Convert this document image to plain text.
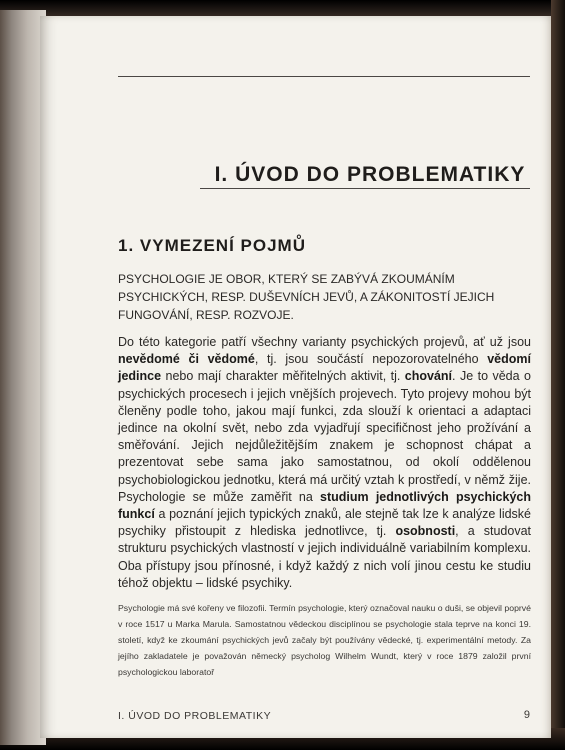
I. ÚVOD DO PROBLEMATIKY
1. VYMEZENÍ POJMŮ
PSYCHOLOGIE JE OBOR, KTERÝ SE ZABÝVÁ ZKOUMÁNÍM PSYCHICKÝCH, RESP. DUŠEVNÍCH JEVŮ, A ZÁKONITOSTÍ JEJICH FUNGOVÁNÍ, RESP. ROZVOJE.
Do této kategorie patří všechny varianty psychických projevů, ať už jsou nevědomé či vědomé, tj. jsou součástí nepozorovatelného vědomí jedince nebo mají charakter měřitelných aktivit, tj. chování. Je to věda o psychických procesech i jejich vnějších projevech. Tyto projevy mohou být členěny podle toho, jakou mají funkci, zda slouží k orientaci a adaptaci jedince na okolní svět, nebo zda vyjadřují specifičnost jeho prožívání a směřování. Jejich nejdůležitějším znakem je schopnost chápat a prezentovat sebe sama jako samostatnou, od okolí oddělenou psychobiologickou jednotku, která má určitý vztah k prostředí, v němž žije. Psychologie se může zaměřit na studium jednotlivých psychických funkcí a poznání jejich typických znaků, ale stejně tak lze k analýze lidské psychiky přistoupit z hlediska jednotlivce, tj. osobnosti, a studovat strukturu psychických vlastností v jejich individuálně variabilním komplexu. Oba přístupy jsou přínosné, i když každý z nich volí jinou cestu ke studiu téhož objektu – lidské psychiky.
Psychologie má své kořeny ve filozofii. Termín psychologie, který označoval nauku o duši, se objevil poprvé v roce 1517 u Marka Marula. Samostatnou vědeckou disciplínou se psychologie stala teprve na konci 19. století, když ke zkoumání psychických jevů začaly být používány vědecké, tj. experimentální metody. Za jejího zakladatele je považován německý psycholog Wilhelm Wundt, který v roce 1879 založil první psychologickou laboratoř
I. ÚVOD DO PROBLEMATIKY	9
